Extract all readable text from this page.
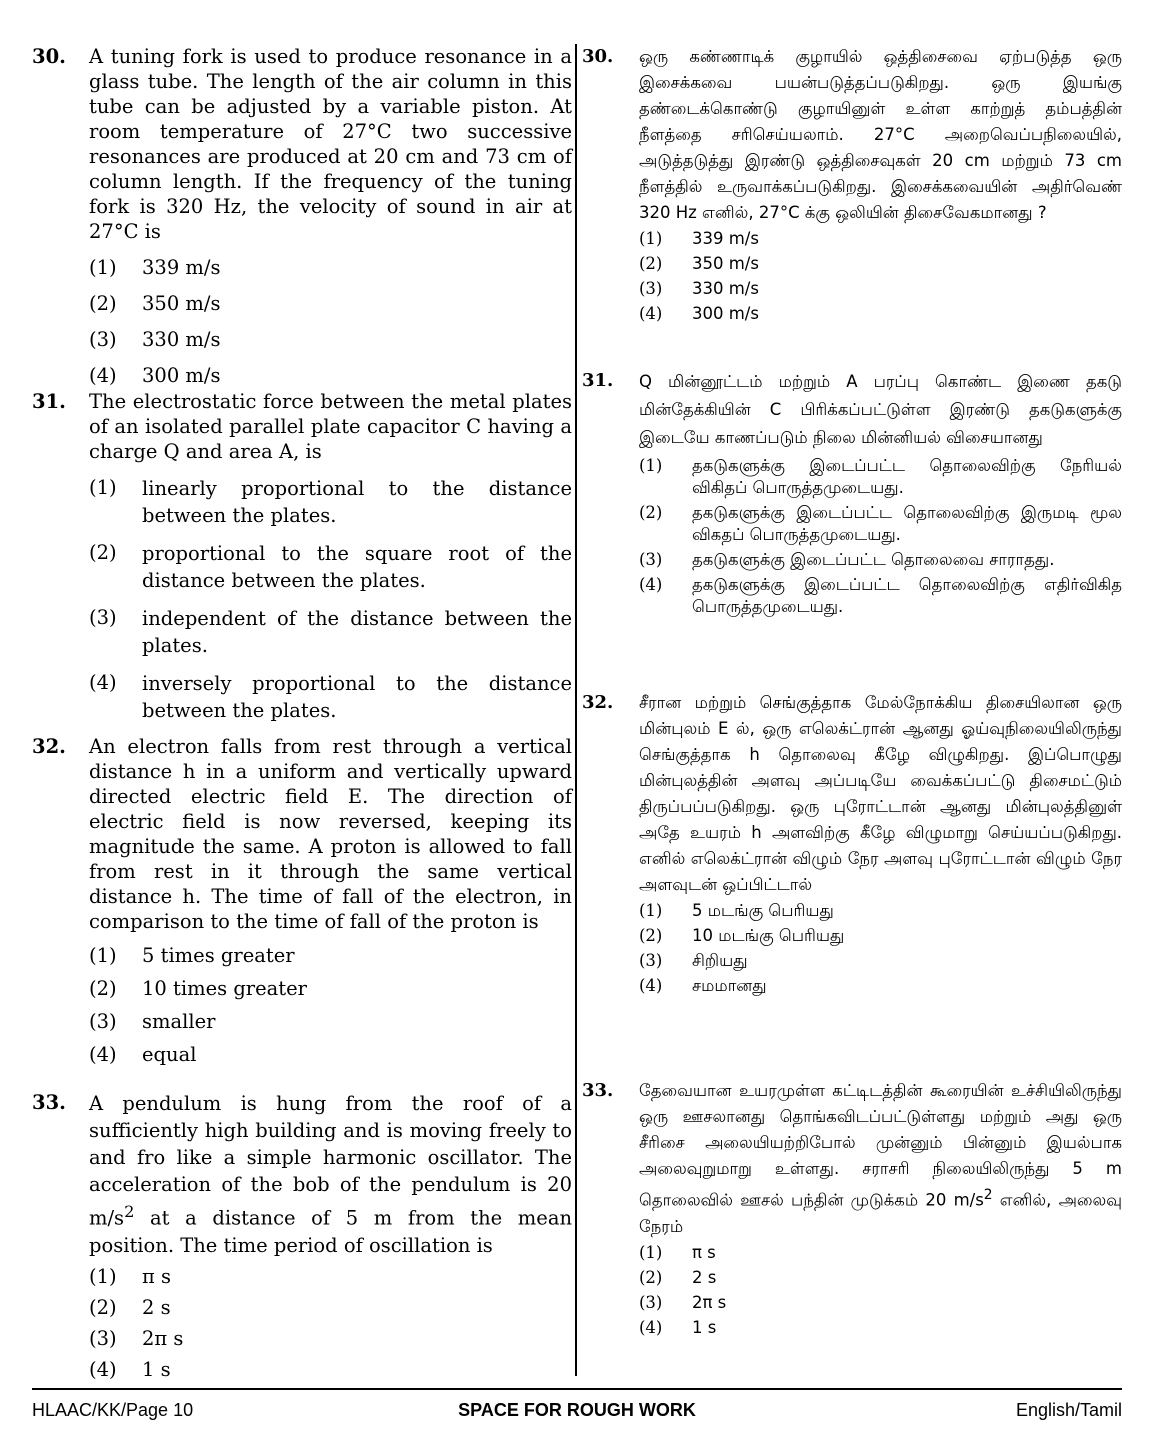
30. A tuning fork is used to produce resonance in a glass tube. The length of the air column in this tube can be adjusted by a variable piston. At room temperature of 27°C two successive resonances are produced at 20 cm and 73 cm of column length. If the frequency of the tuning fork is 320 Hz, the velocity of sound in air at 27°C is
(1)	339 m/s
(2)	350 m/s
(3)	330 m/s
(4)	300 m/s
31. The electrostatic force between the metal plates of an isolated parallel plate capacitor C having a charge Q and area A, is
(1)	linearly proportional to the distance between the plates.
(2)	proportional to the square root of the distance between the plates.
(3)	independent of the distance between the plates.
(4)	inversely proportional to the distance between the plates.
32. An electron falls from rest through a vertical distance h in a uniform and vertically upward directed electric field E. The direction of electric field is now reversed, keeping its magnitude the same. A proton is allowed to fall from rest in it through the same vertical distance h. The time of fall of the electron, in comparison to the time of fall of the proton is
(1)	5 times greater
(2)	10 times greater
(3)	smaller
(4)	equal
33. A pendulum is hung from the roof of a sufficiently high building and is moving freely to and fro like a simple harmonic oscillator. The acceleration of the bob of the pendulum is 20 $m/s^2$ at a distance of 5 m from the mean position. The time period of oscillation is
(1)	π s
(2)	2 s
(3)	2π s
(4)	1 s
30. ஒரு கண்ணாடிக் குழாயில் ஒத்திசைவை ஏற்படுத்த ஒரு இசைக்கவை பயன்படுத்தப்படுகிறது. ஒரு இயங்கு தண்டைக்கொண்டு குழாயினுள் உள்ள காற்றுத் தம்பத்தின் நீளத்தை சரிசெய்யலாம். 27°C அறைவெப்பநிலையில், அடுத்தடுத்து இரண்டு ஒத்திசைவுகள் 20 cm மற்றும் 73 cm நீளத்தில் உருவாக்கப்படுகிறது. இசைக்கவையின் அதிர்வெண் 320 Hz எனில், 27°C க்கு ஒலியின் திசைவேகமானது ?
(1)	339 m/s
(2)	350 m/s
(3)	330 m/s
(4)	300 m/s
31. Q மின்னூட்டம் மற்றும் A பரப்பு கொண்ட இணை தகடு மின்தேக்கியின் C பிரிக்கப்பட்டுள்ள இரண்டு தகடுகளுக்கு இடையே காணப்படும் நிலை மின்னியல் விசையானது
(1)	தகடுகளுக்கு இடைப்பட்ட தொலைவிற்கு நேரியல் விகிதப் பொருத்தமுடையது.
(2)	தகடுகளுக்கு இடைப்பட்ட தொலைவிற்கு இருமடி மூல விகதப் பொருத்தமுடையது.
(3)	தகடுகளுக்கு இடைப்பட்ட தொலைவை சாராதது.
(4)	தகடுகளுக்கு இடைப்பட்ட தொலைவிற்கு எதிர்விகித பொருத்தமுடையது.
32. சீரான மற்றும் செங்குத்தாக மேல்நோக்கிய திசையிலான ஒரு மின்புலம் E ல், ஒரு எலெக்ட்ரான் ஆனது ஓய்வுநிலையிலிருந்து செங்குத்தாக h தொலைவு கீழே விழுகிறது. இப்பொழுது மின்புலத்தின் அளவு அப்படியே வைக்கப்பட்டு திசைமட்டும் திருப்பப்படுகிறது. ஒரு புரோட்டான் ஆனது மின்புலத்தினுள் அதே உயரம் h அளவிற்கு கீழே விழுமாறு செய்யப்படுகிறது. எனில் எலெக்ட்ரான் விழும் நேர அளவு புரோட்டான் விழும் நேர அளவுடன் ஒப்பிட்டால்
(1)	5 மடங்கு பெரியது
(2)	10 மடங்கு பெரியது
(3)	சிறியது
(4)	சமமானது
33. தேவையான உயரமுள்ள கட்டிடத்தின் கூரையின் உச்சியிலிருந்து ஒரு ஊசலானது தொங்கவிடப்பட்டுள்ளது மற்றும் அது ஒரு சீரிசை அலையியற்றிபோல் முன்னும் பின்னும் இயல்பாக அலைவுறுமாறு உள்ளது. சராசரி நிலையிலிருந்து 5 m தொலைவில் ஊசல் பந்தின் முடுக்கம் 20 $m/s^2$ எனில், அலைவு நேரம்
(1)	π s
(2)	2 s
(3)	2π s
(4)	1 s
HLAAC/KK/Page 10	SPACE FOR ROUGH WORK	English/Tamil
